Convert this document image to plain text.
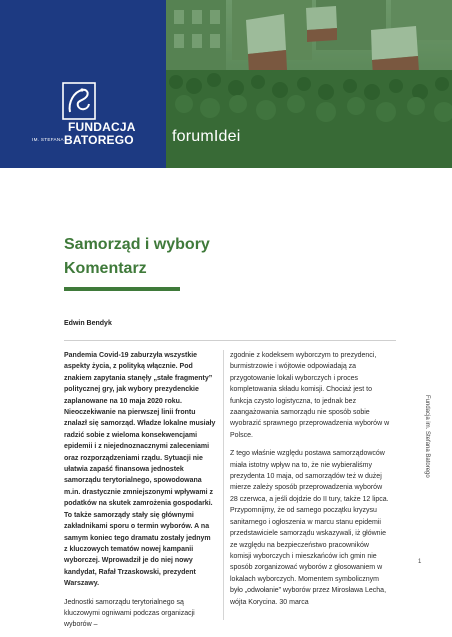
FUNDACJA
IM. STEFANA BATOREGO forumIdei
Samorząd i wybory
Komentarz
Edwin Bendyk

Pandemia Covid-19 zaburzyła wszystkie aspekty życia, z polityką włącznie. Pod znakiem zapytania stanęły „stałe fragmenty” politycznej gry, jak wybory prezydenckie zaplanowane na 10 maja 2020 roku. Nieoczekiwanie na pierwszej linii frontu znalazł się samorząd. Władze lokalne musiały radzić sobie z wieloma konsekwencjami epidemii i z niejednoznacznymi zaleceniami oraz rozporządzeniami rządu. Sytuacji nie ułatwia zapaść finansowa jednostek samorządu terytorialnego, spowodowana m.in. drastycznie zmniejszonymi wpływami z podatków na skutek zamrożenia gospodarki. To także samorządy stały się głównymi zakładnikami sporu o termin wyborów. A na samym koniec tego dramatu zostały jednym z kluczowych tematów nowej kampanii wyborczej. Wprowadził je do niej nowy kandydat, Rafał Trzaskowski, prezydent Warszawy.

Jednostki samorządu terytorialnego są kluczowymi ogniwami podczas organizacji wyborów –

zgodnie z kodeksem wyborczym to prezydenci, burmistrzowie i wójtowie odpowiadają za przygotowanie lokali wyborczych i proces kompletowania składu komisji. Chociaż jest to funkcja czysto logistyczna, to jednak bez zaangażowania samorządu nie sposób sobie wyobrazić sprawnego przeprowadzenia wyborów w Polsce.

Z tego właśnie względu postawa samorządowców miała istotny wpływ na to, że nie wybieraliśmy prezydenta 10 maja, od samorządów też w dużej mierze zależy sposób przeprowadzenia wyborów 28 czerwca, a jeśli dojdzie do II tury, także 12 lipca. Przypomnijmy, że od samego początku kryzysu sanitarnego i ogłoszenia w marcu stanu epidemii przedstawiciele samorządu wskazywali, iż głównie ze względu na bezpieczeństwo pracowników komisji wyborczych i mieszkańców ich gmin nie sposób zorganizować wyborów z głosowaniem w lokalach wyborczych. Momentem symbolicznym było „odwołanie” wyborów przez Mirosława Lecha, wójta Korycina. 30 marca

Fundacja im. Stefana Batorego
1
